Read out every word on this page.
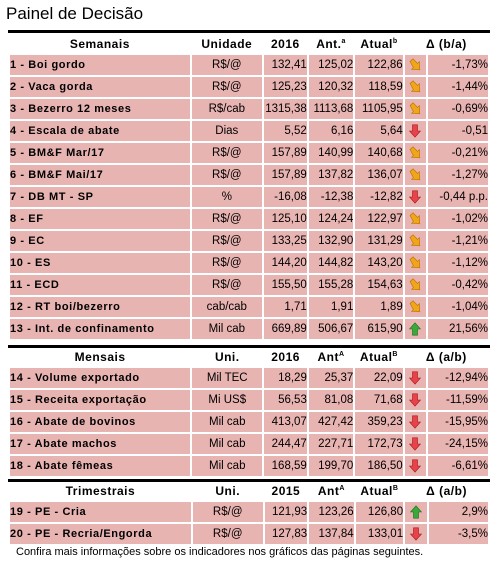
Painel de Decisão
Semanais	Unidade	2016	Ant.$^a$	Atual$^b$	Δ (b/a)	
1 - Boi gordo	R$/@	132,41	125,02	122,86		-1,73%
2 - Vaca gorda	R$/@	125,23	120,32	118,59		-1,44%
3 - Bezerro 12 meses	R$/cab	1315,38	1113,68	1105,95		-0,69%
4 - Escala de abate	Dias	5,52	6,16	5,64		-0,51
5 - BM&F Mar/17	R$/@	157,89	140,99	140,68		-0,21%
6 - BM&F Mai/17	R$/@	157,89	137,82	136,07		-1,27%
7 - DB MT - SP	%	-16,08	-12,38	-12,82		-0,44 p.p.
8 - EF	R$/@	125,10	124,24	122,97		-1,02%
9 - EC	R$/@	133,25	132,90	131,29		-1,21%
10 - ES	R$/@	144,20	144,82	143,20		-1,12%
11 - ECD	R$/@	155,50	155,28	154,63		-0,42%
12 - RT boi/bezerro	cab/cab	1,71	1,91	1,89		-1,04%
13 - Int. de confinamento	Mil cab	669,89	506,67	615,90		21,56%
Mensais	Uni.	2016	Ant$^A$	Atual$^B$	Δ (a/b)	
14 - Volume exportado	Mil TEC	18,29	25,37	22,09		-12,94%
15 - Receita exportação	Mi US$	56,53	81,08	71,68		-11,59%
16 - Abate de bovinos	Mil cab	413,07	427,42	359,23		-15,95%
17 - Abate machos	Mil cab	244,47	227,71	172,73		-24,15%
18 - Abate fêmeas	Mil cab	168,59	199,70	186,50		-6,61%
Trimestrais	Uni.	2015	Ant$^A$	Atual$^B$	Δ (a/b)	
19 - PE - Cria	R$/@	121,93	123,26	126,80		2,9%
20 - PE - Recria/Engorda	R$/@	127,83	137,84	133,01		-3,5%
Confira mais informações sobre os indicadores nos gráficos das páginas seguintes.
